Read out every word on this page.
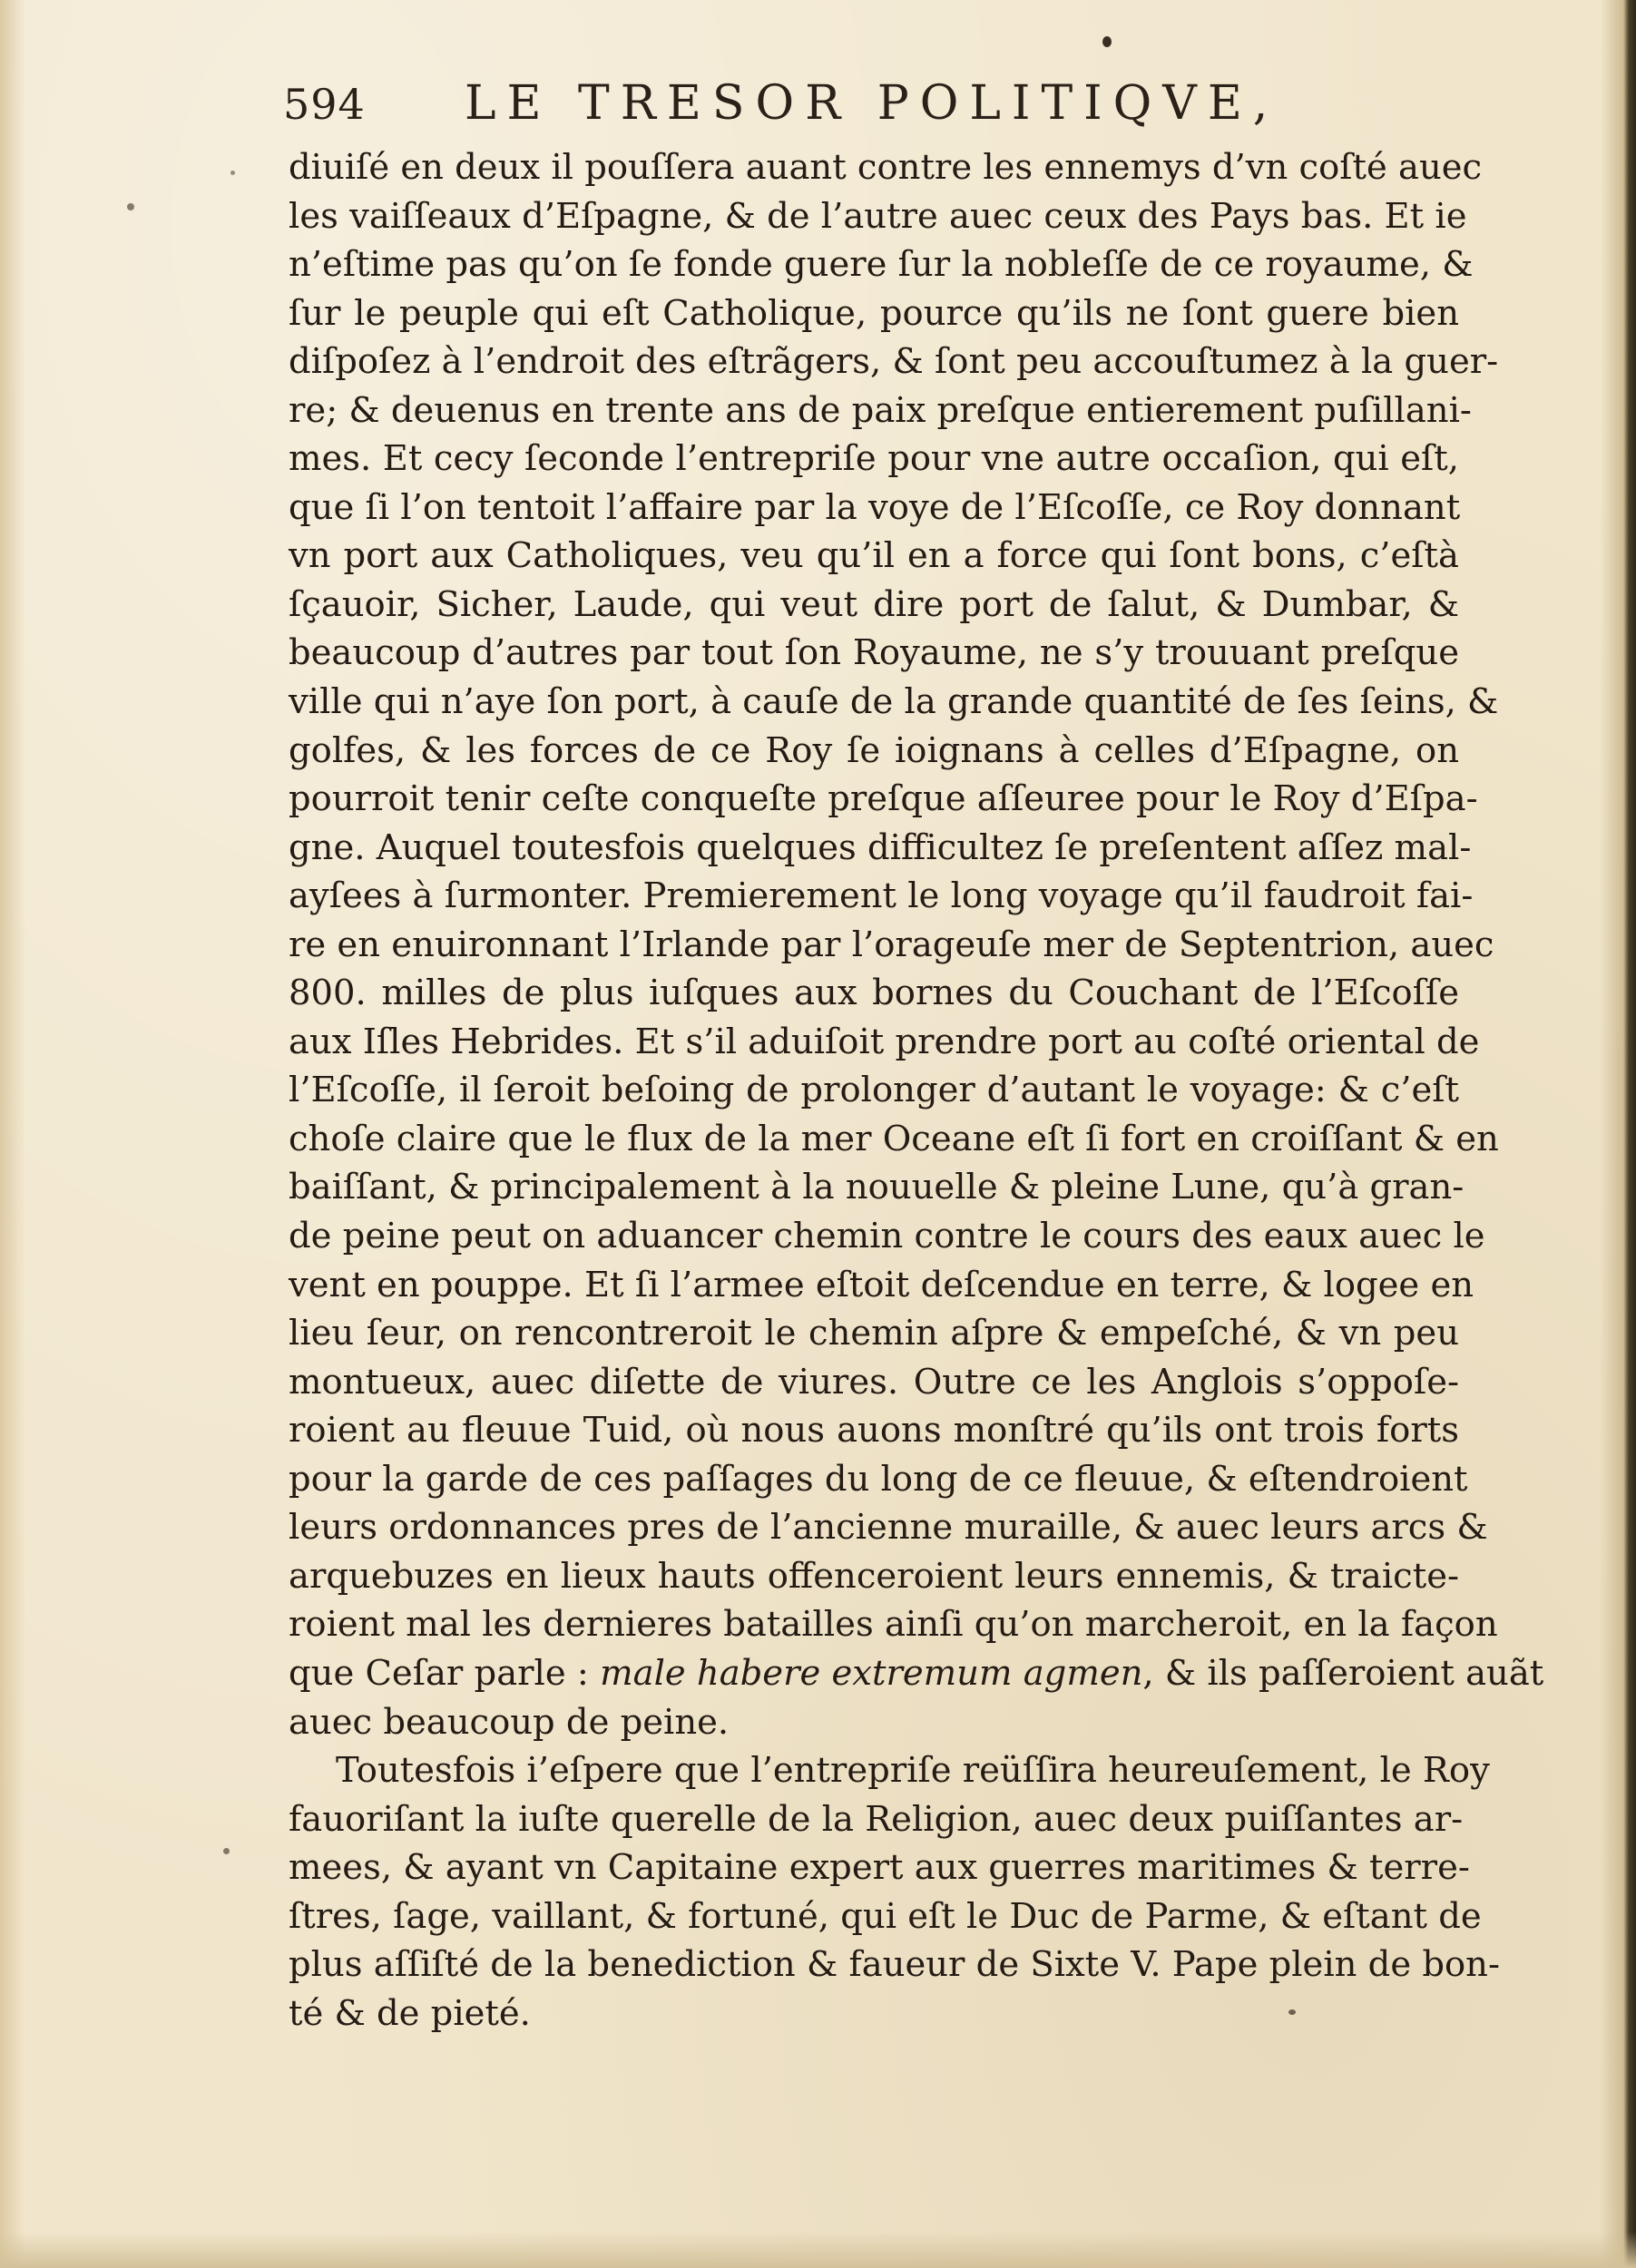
594 LE TRESOR POLITIQVE,
diuiſé en deux il pouſſera auant contre les ennemys d’vn coſté auec
les vaiſſeaux d’Eſpagne, & de l’autre auec ceux des Pays bas. Et ie
n’eſtime pas qu’on ſe fonde guere ſur la nobleſſe de ce royaume, &
ſur le peuple qui eſt Catholique, pource qu’ils ne ſont guere bien
diſpoſez à l’endroit des eſtrãgers, & ſont peu accouſtumez à la guer-
re; & deuenus en trente ans de paix preſque entierement puſillani-
mes. Et cecy ſeconde l’entrepriſe pour vne autre occaſion, qui eſt,
que ſi l’on tentoit l’affaire par la voye de l’Eſcoſſe, ce Roy donnant
vn port aux Catholiques, veu qu’il en a force qui ſont bons, c’eſtà
ſçauoir, Sicher, Laude, qui veut dire port de ſalut, & Dumbar, &
beaucoup d’autres par tout ſon Royaume, ne s’y trouuant preſque
ville qui n’aye ſon port, à cauſe de la grande quantité de ſes ſeins, &
golfes, & les forces de ce Roy ſe ioignans à celles d’Eſpagne, on
pourroit tenir ceſte conqueſte preſque aſſeuree pour le Roy d’Eſpa-
gne. Auquel toutesfois quelques difficultez ſe preſentent aſſez mal-
ayſees à ſurmonter. Premierement le long voyage qu’il faudroit fai-
re en enuironnant l’Irlande par l’orageuſe mer de Septentrion, auec
800. milles de plus iuſques aux bornes du Couchant de l’Eſcoſſe
aux Iſles Hebrides. Et s’il aduiſoit prendre port au coſté oriental de
l’Eſcoſſe, il ſeroit beſoing de prolonger d’autant le voyage: & c’eſt
choſe claire que le flux de la mer Oceane eſt ſi fort en croiſſant & en
baiſſant, & principalement à la nouuelle & pleine Lune, qu’à gran-
de peine peut on aduancer chemin contre le cours des eaux auec le
vent en pouppe. Et ſi l’armee eſtoit deſcendue en terre, & logee en
lieu ſeur, on rencontreroit le chemin aſpre & empeſché, & vn peu
montueux, auec diſette de viures. Outre ce les Anglois s’oppoſe-
roient au fleuue Tuid, où nous auons monſtré qu’ils ont trois forts
pour la garde de ces paſſages du long de ce fleuue, & eſtendroient
leurs ordonnances pres de l’ancienne muraille, & auec leurs arcs &
arquebuzes en lieux hauts offenceroient leurs ennemis, & traicte-
roient mal les dernieres batailles ainſi qu’on marcheroit, en la façon
que Ceſar parle : male habere extremum agmen, & ils paſſeroient auãt
auec beaucoup de peine.
Toutesfois i’eſpere que l’entrepriſe reüſſira heureuſement, le Roy
fauoriſant la iuſte querelle de la Religion, auec deux puiſſantes ar-
mees, & ayant vn Capitaine expert aux guerres maritimes & terre-
ſtres, ſage, vaillant, & fortuné, qui eſt le Duc de Parme, & eſtant de
plus aſſiſté de la benediction & faueur de Sixte V. Pape plein de bon-
té & de pieté.
